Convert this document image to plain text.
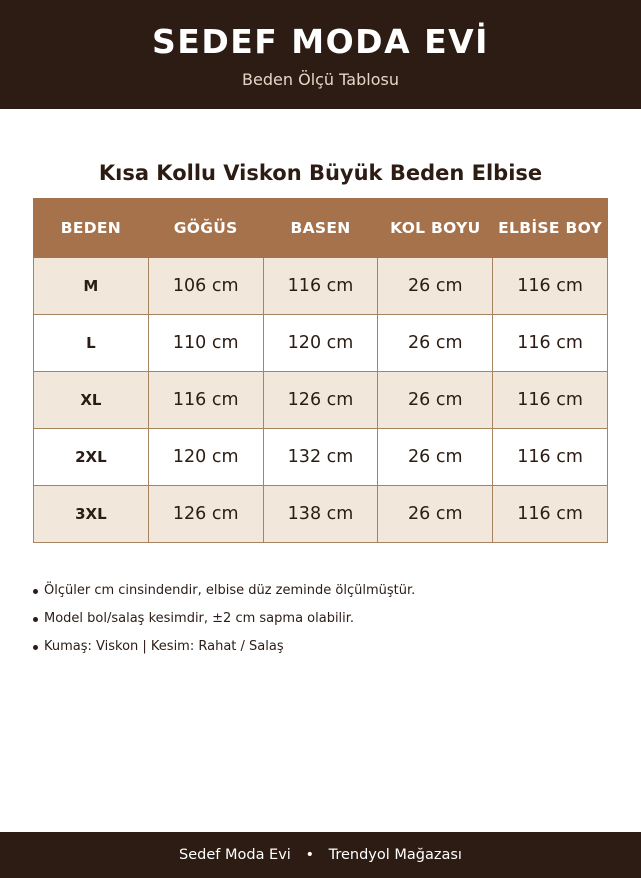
SEDEF MODA EVİ
Beden Ölçü Tablosu
Kısa Kollu Viskon Büyük Beden Elbise
BEDEN	GÖĞÜS	BASEN	KOL BOYU	ELBİSE BOY
M	106 cm	116 cm	26 cm	116 cm
L	110 cm	120 cm	26 cm	116 cm
XL	116 cm	126 cm	26 cm	116 cm
2XL	120 cm	132 cm	26 cm	116 cm
3XL	126 cm	138 cm	26 cm	116 cm
Ölçüler cm cinsindendir, elbise düz zeminde ölçülmüştür.
Model bol/salaş kesimdir, ±2 cm sapma olabilir.
Kumaş: Viskon | Kesim: Rahat / Salaş
Sedef Moda Evi • Trendyol Mağazası
